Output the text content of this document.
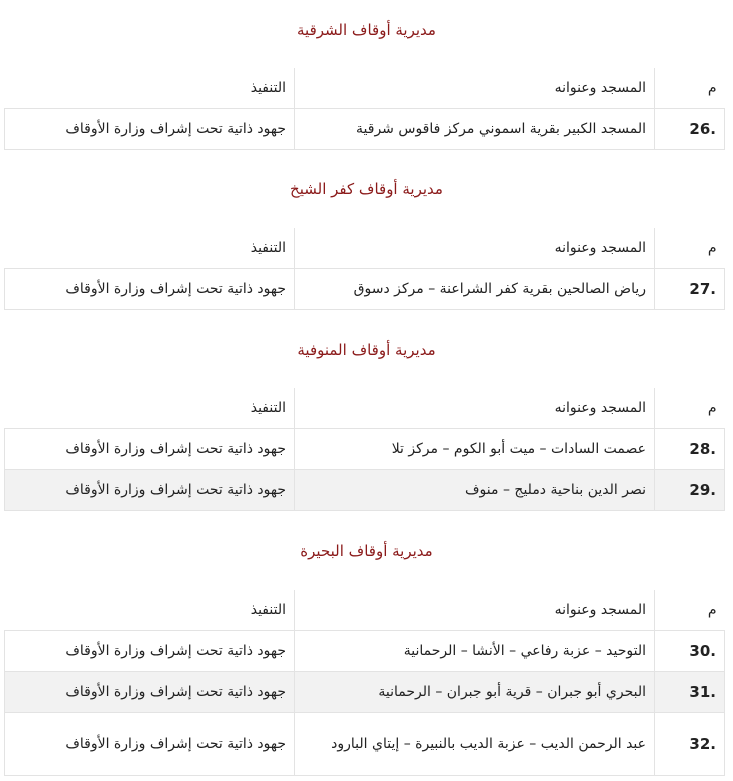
مديرية أوقاف الشرقية
م	المسجد وعنوانه	التنفيذ
26.	المسجد الكبير بقرية اسموني مركز فاقوس شرقية	جهود ذاتية تحت إشراف وزارة الأوقاف
مديرية أوقاف كفر الشيخ
م	المسجد وعنوانه	التنفيذ
27.	رياض الصالحين بقرية كفر الشراعنة – مركز دسوق	جهود ذاتية تحت إشراف وزارة الأوقاف
مديرية أوقاف المنوفية
م	المسجد وعنوانه	التنفيذ
28.	عصمت السادات – ميت أبو الكوم – مركز تلا	جهود ذاتية تحت إشراف وزارة الأوقاف
29.	نصر الدين بناحية دمليج – منوف	جهود ذاتية تحت إشراف وزارة الأوقاف
مديرية أوقاف البحيرة
م	المسجد وعنوانه	التنفيذ
30.	التوحيد – عزبة رفاعي – الأنشا – الرحمانية	جهود ذاتية تحت إشراف وزارة الأوقاف
31.	البحري أبو جبران – قرية أبو جبران – الرحمانية	جهود ذاتية تحت إشراف وزارة الأوقاف
32.	عبد الرحمن الديب – عزبة الديب بالنبيرة – إيتاي البارود	جهود ذاتية تحت إشراف وزارة الأوقاف
